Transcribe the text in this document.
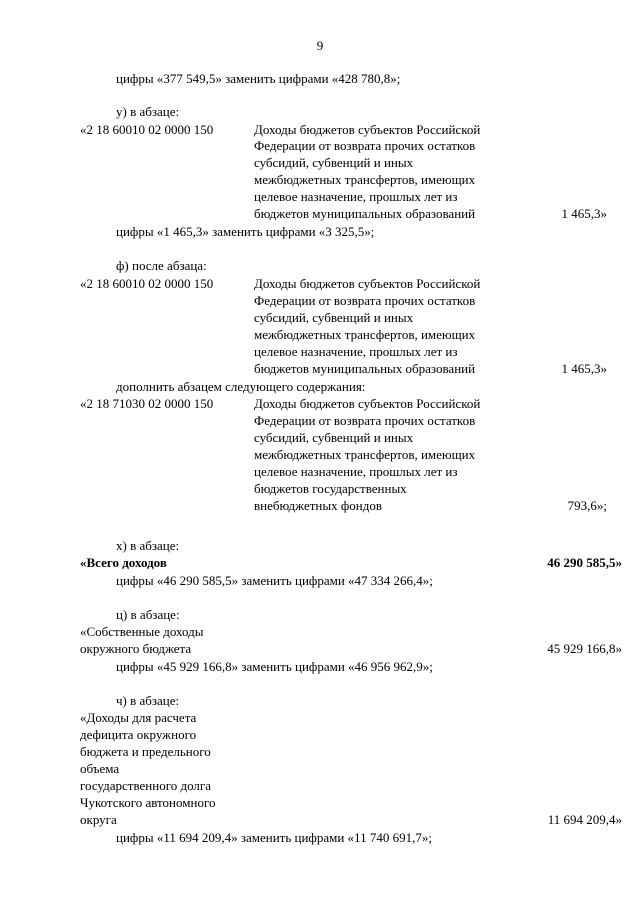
9
цифры «377 549,5» заменить цифрами «428 780,8»;
у) в абзаце:
«2 18 60010 02 0000 150	Доходы бюджетов субъектов Российской
Федерации от возврата прочих остатков
субсидий, субвенций и иных
межбюджетных трансфертов, имеющих
целевое назначение, прошлых лет из
бюджетов муниципальных образований	1 465,3»
цифры «1 465,3» заменить цифрами «3 325,5»;
ф) после абзаца:
«2 18 60010 02 0000 150	Доходы бюджетов субъектов Российской
Федерации от возврата прочих остатков
субсидий, субвенций и иных
межбюджетных трансфертов, имеющих
целевое назначение, прошлых лет из
бюджетов муниципальных образований	1 465,3»
дополнить абзацем следующего содержания:
«2 18 71030 02 0000 150	Доходы бюджетов субъектов Российской
Федерации от возврата прочих остатков
субсидий, субвенций и иных
межбюджетных трансфертов, имеющих
целевое назначение, прошлых лет из
бюджетов государственных
внебюджетных фондов	793,6»;
х) в абзаце:
«Всего доходов	46 290 585,5»
цифры «46 290 585,5» заменить цифрами «47 334 266,4»;
ц) в абзаце:
«Собственные доходы
окружного бюджета	45 929 166,8»
цифры «45 929 166,8» заменить цифрами «46 956 962,9»;
ч) в абзаце:
«Доходы для расчета
дефицита окружного
бюджета и предельного
объема
государственного долга
Чукотского автономного
округа	11 694 209,4»
цифры «11 694 209,4» заменить цифрами «11 740 691,7»;
